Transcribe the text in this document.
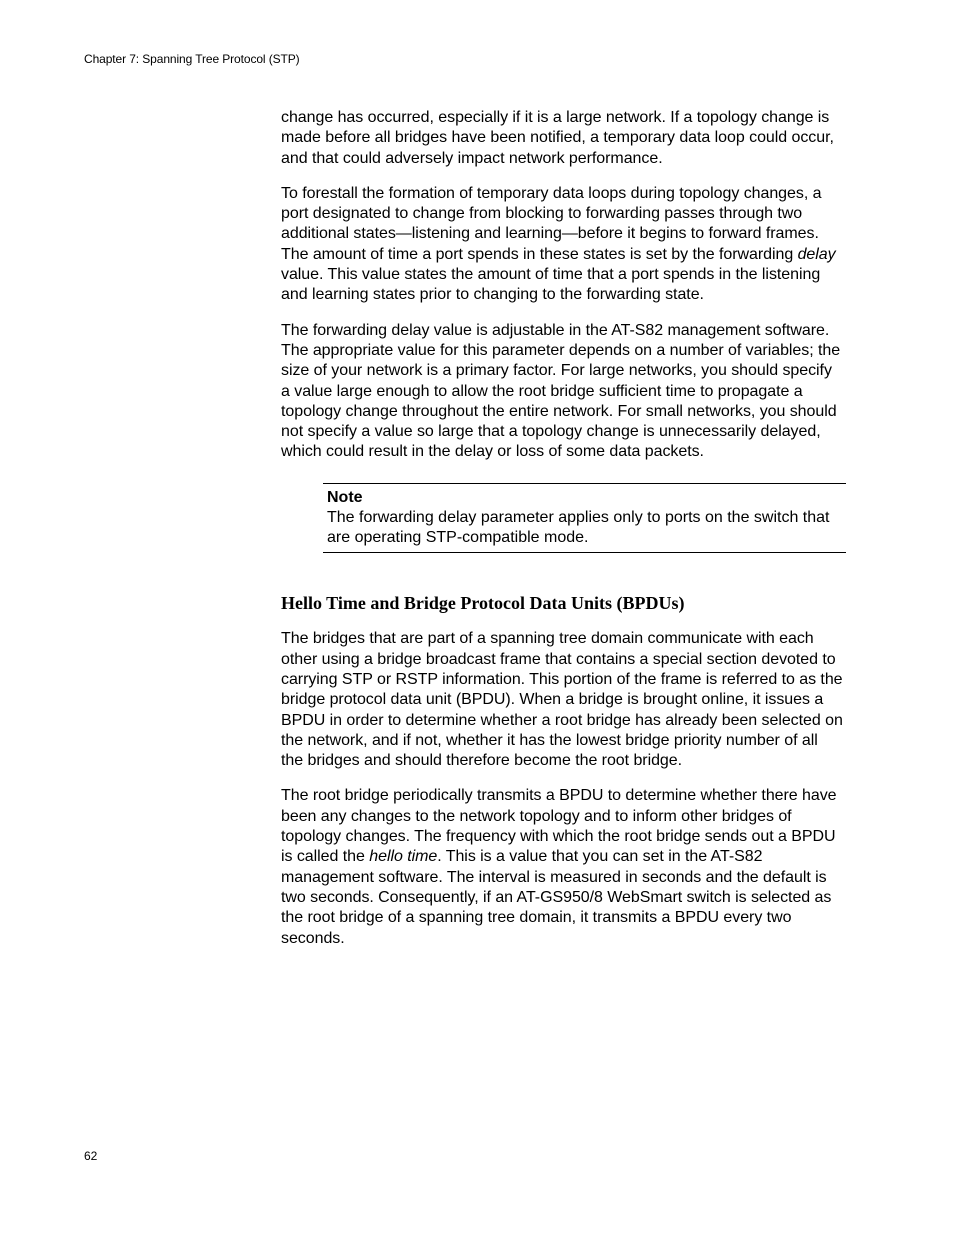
Chapter 7: Spanning Tree Protocol (STP)

change has occurred, especially if it is a large network. If a topology change is made before all bridges have been notified, a temporary data loop could occur, and that could adversely impact network performance.

To forestall the formation of temporary data loops during topology changes, a port designated to change from blocking to forwarding passes through two additional states—listening and learning—before it begins to forward frames. The amount of time a port spends in these states is set by the forwarding delay value. This value states the amount of time that a port spends in the listening and learning states prior to changing to the forwarding state.

The forwarding delay value is adjustable in the AT-S82 management software. The appropriate value for this parameter depends on a number of variables; the size of your network is a primary factor. For large networks, you should specify a value large enough to allow the root bridge sufficient time to propagate a topology change throughout the entire network. For small networks, you should not specify a value so large that a topology change is unnecessarily delayed, which could result in the delay or loss of some data packets.

Note
The forwarding delay parameter applies only to ports on the switch that are operating STP-compatible mode.
Hello Time and Bridge Protocol Data Units (BPDUs)

The bridges that are part of a spanning tree domain communicate with each other using a bridge broadcast frame that contains a special section devoted to carrying STP or RSTP information. This portion of the frame is referred to as the bridge protocol data unit (BPDU). When a bridge is brought online, it issues a BPDU in order to determine whether a root bridge has already been selected on the network, and if not, whether it has the lowest bridge priority number of all the bridges and should therefore become the root bridge.

The root bridge periodically transmits a BPDU to determine whether there have been any changes to the network topology and to inform other bridges of topology changes. The frequency with which the root bridge sends out a BPDU is called the hello time. This is a value that you can set in the AT-S82 management software. The interval is measured in seconds and the default is two seconds. Consequently, if an AT-GS950/8 WebSmart switch is selected as the root bridge of a spanning tree domain, it transmits a BPDU every two seconds.

62
